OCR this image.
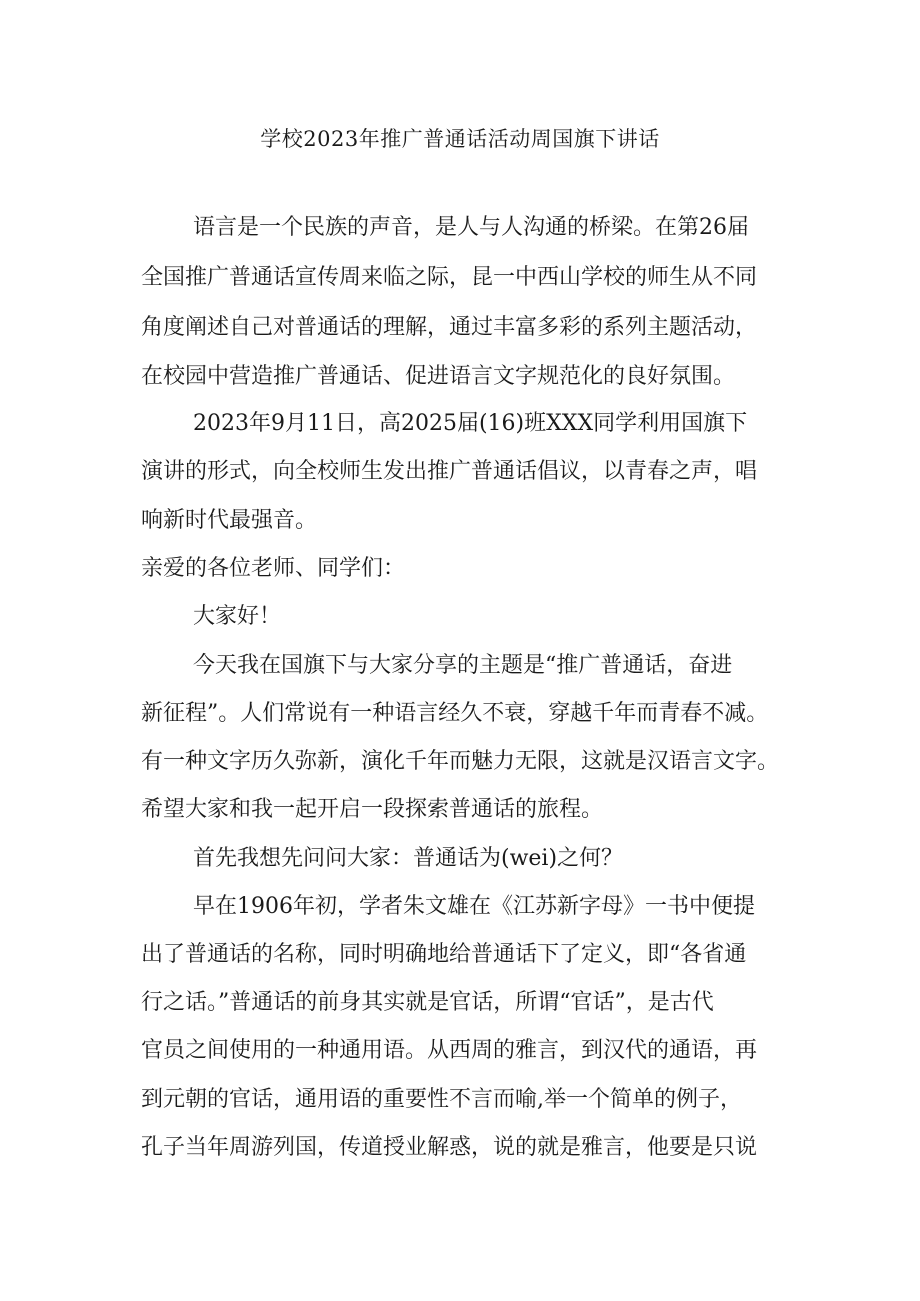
学校2023年推广普通话活动周国旗下讲话
语言是一个民族的声音，是人与人沟通的桥梁。在第26届
全国推广普通话宣传周来临之际，昆一中西山学校的师生从不同
角度阐述自己对普通话的理解，通过丰富多彩的系列主题活动，
在校园中营造推广普通话、促进语言文字规范化的良好氛围。
2023年9月11日，高2025届(16)班XXX同学利用国旗下
演讲的形式，向全校师生发出推广普通话倡议，以青春之声，唱
响新时代最强音。
亲爱的各位老师、同学们：
大家好！
今天我在国旗下与大家分享的主题是“推广普通话，奋进
新征程”。人们常说有一种语言经久不衰，穿越千年而青春不减。
有一种文字历久弥新，演化千年而魅力无限，这就是汉语言文字。
希望大家和我一起开启一段探索普通话的旅程。
首先我想先问问大家：普通话为(wei)之何？
早在1906年初，学者朱文雄在《江苏新字母》一书中便提
出了普通话的名称，同时明确地给普通话下了定义，即“各省通
行之话。”普通话的前身其实就是官话，所谓“官话”，是古代
官员之间使用的一种通用语。从西周的雅言，到汉代的通语，再
到元朝的官话，通用语的重要性不言而喻,举一个简单的例子，
孔子当年周游列国，传道授业解惑，说的就是雅言，他要是只说
